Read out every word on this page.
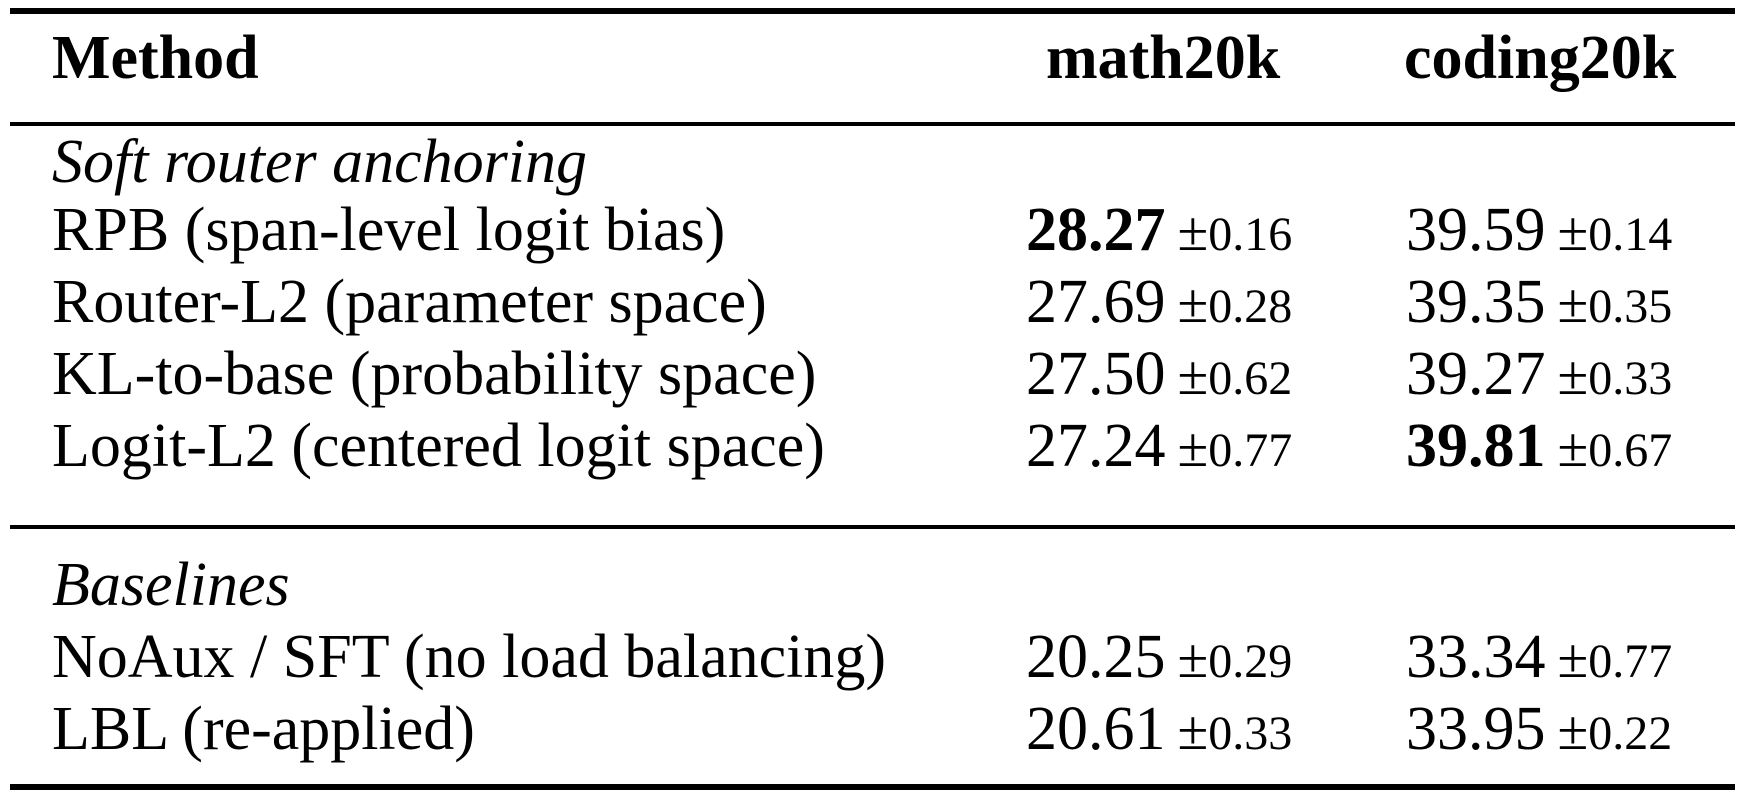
Method	math20k coding20k
Soft router anchoring
RPB (span-level logit bias)	28.27 ±0.16 39.59 ±0.14
Router-L2 (parameter space)	27.69 ±0.28 39.35 ±0.35
KL-to-base (probability space)	27.50 ±0.62 39.27 ±0.33
Logit-L2 (centered logit space)	27.24 ±0.77 39.81 ±0.67
Baselines
NoAux / SFT (no load balancing) 20.25 ±0.29 33.34 ±0.77
LBL (re-applied)	20.61 ±0.33 33.95 ±0.22
